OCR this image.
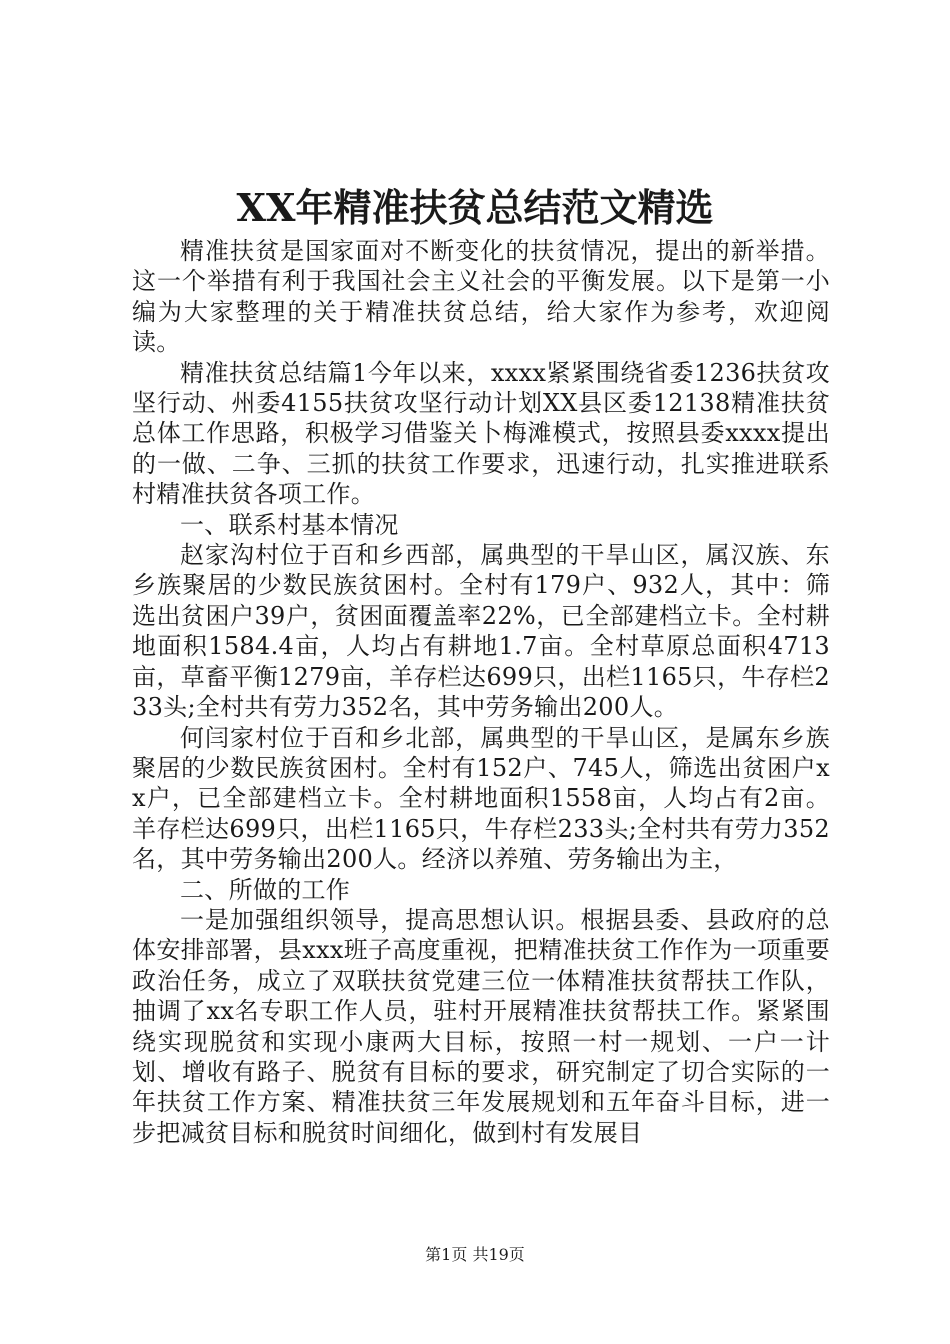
XX年精准扶贫总结范文精选

精准扶贫是国家面对不断变化的扶贫情况，提出的新举措。这一个举措有利于我国社会主义社会的平衡发展。以下是第一小编为大家整理的关于精准扶贫总结，给大家作为参考，欢迎阅读。

精准扶贫总结篇1今年以来，xxxx紧紧围绕省委1236扶贫攻坚行动、州委4155扶贫攻坚行动计划XX县区委12138精准扶贫总体工作思路，积极学习借鉴关卜梅滩模式，按照县委xxxx提出的一做、二争、三抓的扶贫工作要求，迅速行动，扎实推进联系村精准扶贫各项工作。

一、联系村基本情况

赵家沟村位于百和乡西部，属典型的干旱山区，属汉族、东乡族聚居的少数民族贫困村。全村有179户、932人，其中：筛选出贫困户39户，贫困面覆盖率22%，已全部建档立卡。全村耕地面积1584.4亩，人均占有耕地1.7亩。全村草原总面积4713亩，草畜平衡1279亩，羊存栏达699只，出栏1165只，牛存栏233头;全村共有劳力352名，其中劳务输出200人。

何闫家村位于百和乡北部，属典型的干旱山区，是属东乡族聚居的少数民族贫困村。全村有152户、745人，筛选出贫困户xx户，已全部建档立卡。全村耕地面积1558亩，人均占有2亩。羊存栏达699只，出栏1165只，牛存栏233头;全村共有劳力352名，其中劳务输出200人。经济以养殖、劳务输出为主，

二、所做的工作

一是加强组织领导，提高思想认识。根据县委、县政府的总体安排部署，县xxx班子高度重视，把精准扶贫工作作为一项重要政治任务，成立了双联扶贫党建三位一体精准扶贫帮扶工作队，抽调了xx名专职工作人员，驻村开展精准扶贫帮扶工作。紧紧围绕实现脱贫和实现小康两大目标，按照一村一规划、一户一计划、增收有路子、脱贫有目标的要求，研究制定了切合实际的一年扶贫工作方案、精准扶贫三年发展规划和五年奋斗目标，进一步把减贫目标和脱贫时间细化，做到村有发展目

第1页 共19页
